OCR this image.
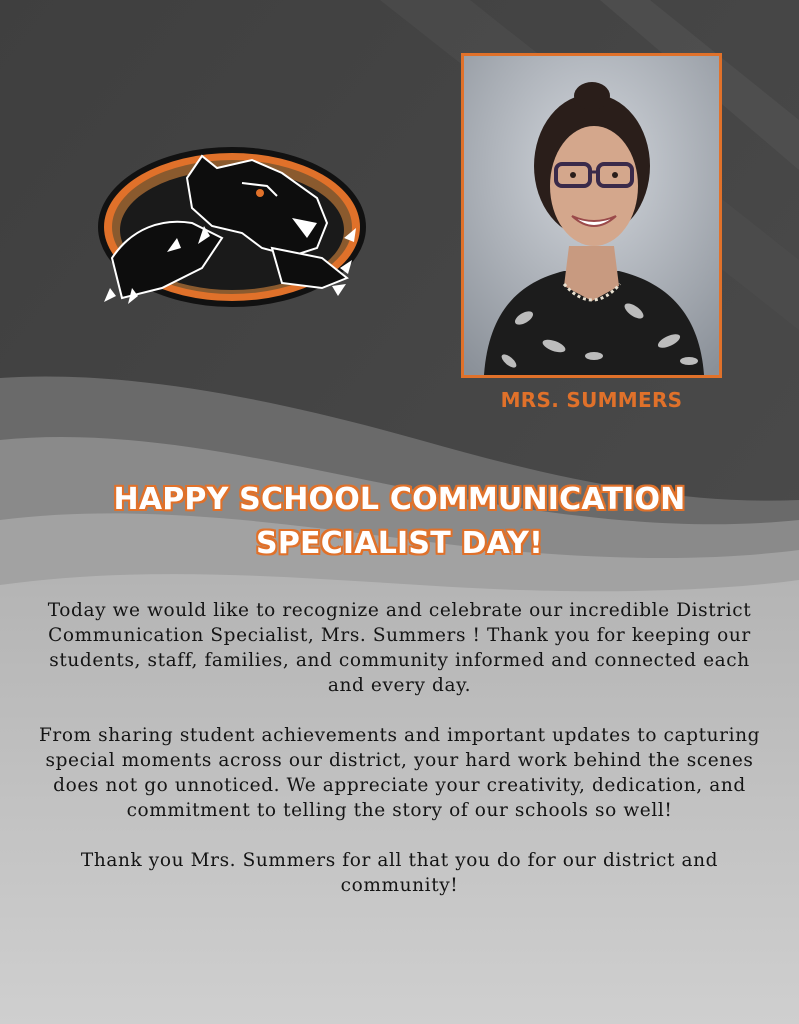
MRS. SUMMERS
HAPPY SCHOOL COMMUNICATION
SPECIALIST DAY!

Today we would like to recognize and celebrate our incredible District Communication Specialist, Mrs. Summers ! Thank you for keeping our students, staff, families, and community informed and connected each and every day.

From sharing student achievements and important updates to capturing special moments across our district, your hard work behind the scenes does not go unnoticed. We appreciate your creativity, dedication, and commitment to telling the story of our schools so well!

Thank you Mrs. Summers for all that you do for our district and community!
